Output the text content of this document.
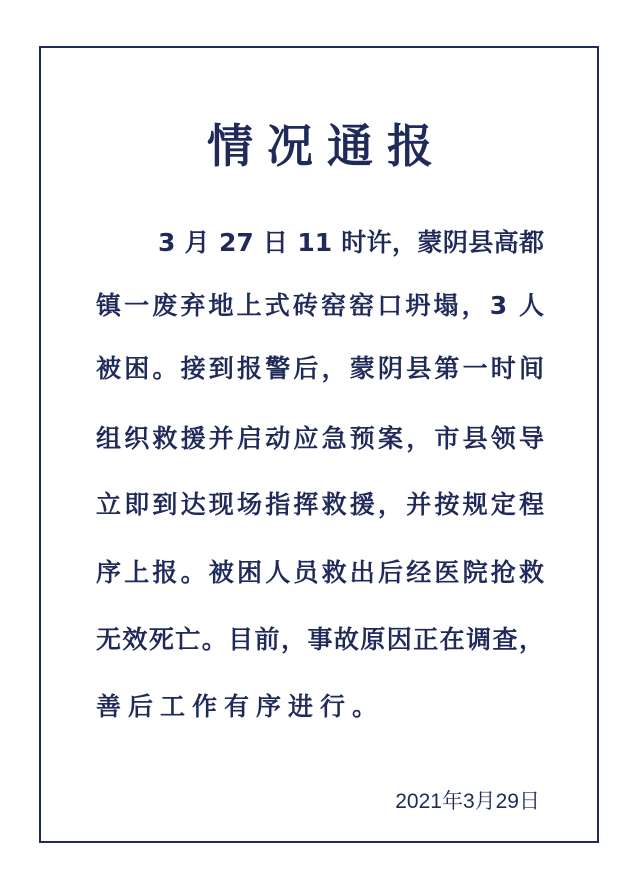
情况通报
3 月 27 日 11 时许，蒙阴县高都
镇一废弃地上式砖窑窑口坍塌，3 人
被困。接到报警后，蒙阴县第一时间
组织救援并启动应急预案，市县领导
立即到达现场指挥救援，并按规定程
序上报。被困人员救出后经医院抢救
无效死亡。目前，事故原因正在调查，
善后工作有序进行。
2021年3月29日
